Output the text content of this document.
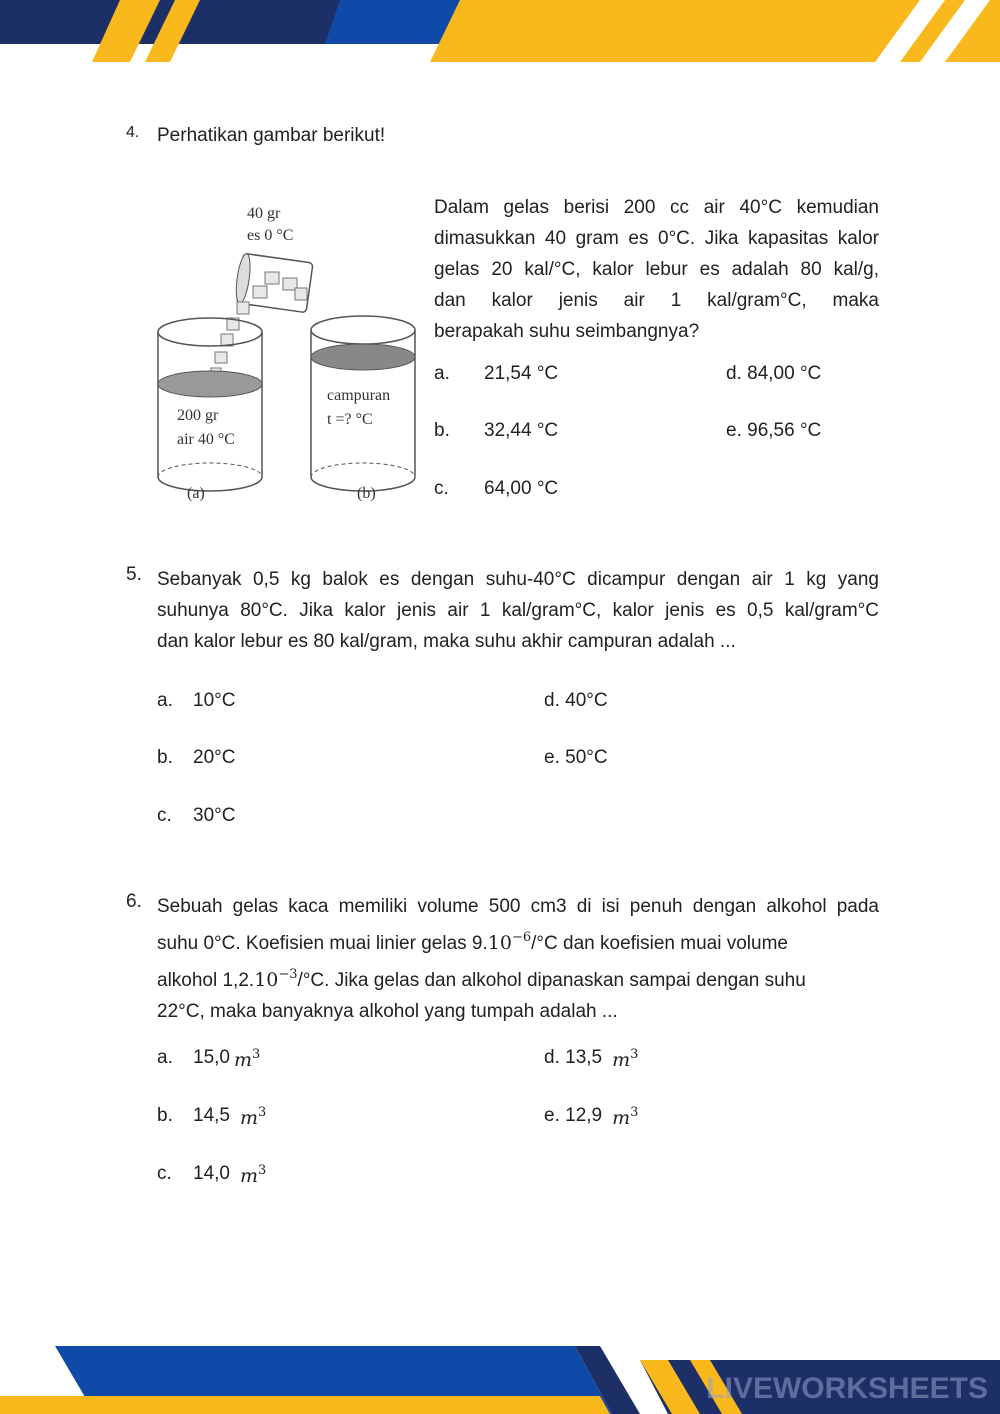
4. Perhatikan gambar berikut!
40 gr
es 0 °C
200 gr
air 40 °C
campuran
t =? °C
(a)	(b)
Dalam gelas berisi 200 cc air 40°C kemudian
dimasukkan 40 gram es 0°C. Jika kapasitas kalor
gelas 20 kal/°C, kalor lebur es adalah 80 kal/g,
dan kalor jenis air 1 kal/gram°C, maka
berapakah suhu seimbangnya?
a.	21,54 °C
b.	32,44 °C
c.	64,00 °C
d. 84,00 °C
e. 96,56 °C
5. Sebanyak 0,5 kg balok es dengan suhu-40°C dicampur dengan air 1 kg yang
suhunya 80°C. Jika kalor jenis air 1 kal/gram°C, kalor jenis es 0,5 kal/gram°C
dan kalor lebur es 80 kal/gram, maka suhu akhir campuran adalah ...
a.	10°C
b.	20°C
c.	30°C
d. 40°C
e. 50°C
6. Sebuah gelas kaca memiliki volume 500 cm3 di isi penuh dengan alkohol pada
suhu 0°C. Koefisien muai linier gelas $9.10^{-6}/^\circ C$ dan koefisien muai volume
alkohol $1,2.10^{-3}/^\circ C$. Jika gelas dan alkohol dipanaskan sampai dengan suhu
22°C, maka banyaknya alkohol yang tumpah adalah ...
a.	15,0 $m^3$
b.	14,5 $m^3$
c.	14,0 $m^3$
d. 13,5 $m^3$
e. 12,9 $m^3$
LIVEWORKSHEETS
